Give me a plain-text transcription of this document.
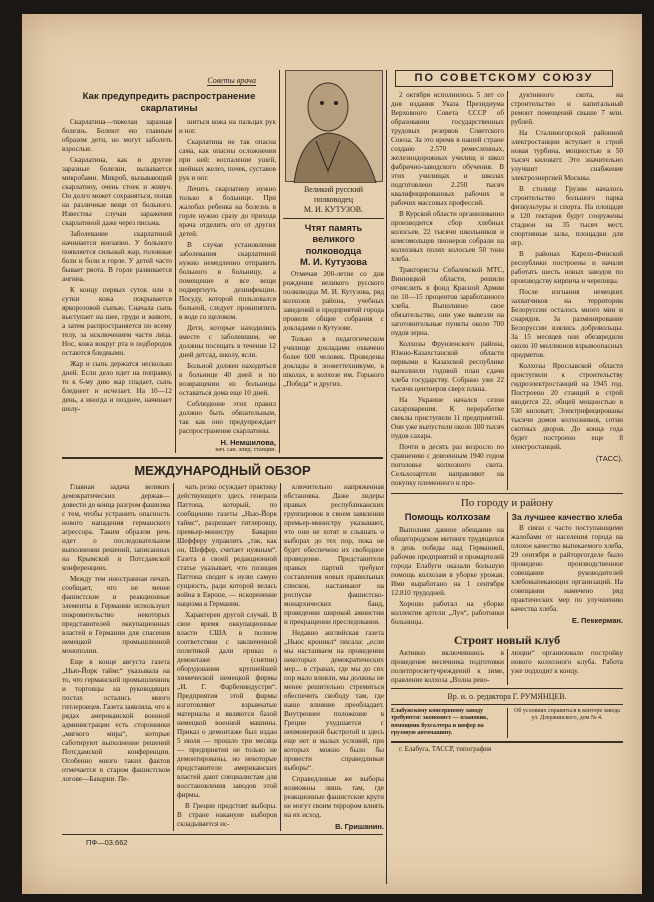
Советы врача
Как предупредить распространение скарлатины

Скарлатина—тяжелая заразная болезнь. Болеют ею главным образом дети, но могут заболеть взрослые.

Скарлатина, как и другие заразные болезни, вызывается микробами. Микроб, вызывающий скарлатину, очень стоек и живуч. Он долго может сохраняться, попав на различные вещи от больного. Известны случаи заражения скарлатиной даже через письма.

Заболевание скарлатиной начинается внезапно. У больного появляется сильный жар, головные боли и боли в горле. У детей часто бывает рвота. В горле развивается ангина.

К концу первых суток или в сутки кожа покрывается яркорозовой сыпью. Сначала сыпь выступает на шее, груди и животе, а затем распространяется по всему телу, за исключением части лица. Нос, кожа вокруг рта и подбородок остаются бледными.

Жар и сыпь держатся несколько дней. Если дело идет на поправку, то к 6-му дню жар спадает, сыпь бледнеет и исчезает. На 10—12 день, а иногда и позднее, начинает шелу-

шиться кожа на пальцах рук и ног.

Скарлатина не так опасна сама, как опасны осложнения при ней: воспаление ушей, шейных желез, почек, суставов рук и ног.

Лечить скарлатину нужно только в больнице. При жалобах ребенка на болезнь в горле нужно сразу до прихода врача отделить его от других детей.

В случае установления заболевания скарлатиной нужно немедленно отправить больного в больницу, а помещение и все вещи подвергнуть дезинфекции. Посуду, которой пользовался больной, следует прокипятить в воде со щелоком.

Дети, которые находились вместе с заболевшим, не должны посещать в течение 12 дней детсад, школу, ясли.

Больной должен находиться в больнице 40 дней и по возвращении из больницы оставаться дома еще 10 дней.

Соблюдение этих правил должно быть обязательным, так как оно предупреждает распространение скарлатины.

Н. Немшилова,
нач. сан. эпид. станции.
Великий русский
полководец
М. И. КУТУЗОВ.
Чтят память великого
полководца
М. И. Кутузова

Отмечая 200-летие со дня рождения великого русского полководца М. И. Кутузова, ряд колхозов района, учебных заведений и предприятий города провели общие собрания с докладами о Кутузове.

Только в педагогическом училище докладами охвачено более 600 человек. Проведены доклады в зооветтехникуме, в школах, в колхозе им. Горького „Победа“ и других.

МЕЖДУНАРОДНЫЙ ОБЗОР

Главная задача великих демократических держав—довести до конца разгром фашизма с тем, чтобы устранить опасность нового нападения германского агрессора. Таким образом речь идет о последовательном выполнении решений, записанных на Крымской и Потсдамской конференциях.

Между тем иностранная печать сообщает, что не менее фашистские и реакционные элементы в Германии используют покровительство некоторых представителей оккупационных властей в Германии для спасения немецкой промышленной монополии.

Еще в конце августа газета „Нью-Йорк таймс“ указывала на то, что германский промышленник и торговцы на руководящих постах остались много гитлеровцев. Газета заявляла, что в рядах американской военной администрации есть сторонники „мягкого мира“, которые саботируют выполнение решений Потсдамской конференции. Особенно много таких фактов отмечается в старом фашистском логове—Баварии. Пе-

чать резко осуждает практику действующего здесь генерала Паттона, который, по сообщению газеты „Нью-Йорк таймс“, разрешает гитлеровцу, премьер-министру Баварии Шефферу управлять „так, как он, Шеффер, считает нужным“. Газета в своей редакционной статье указывает, что позиция Паттона сводит к нулю самую сущность, ради которой велась война в Европе, — искоренение нацизма в Германии.

Характерен другой случай. В свое время оккупационные власти США в полном соответствии с заключенной политикой дали приказ о демонтаже (снятии) оборудования крупнейшей химической немецкой фирмы „И. Г. Фарбениндустри“. Предприятия этой фирмы изготовляют взрывчатые материалы и являются базой немецкой военной машины. Приказ о демонтаже был издан 5 июля — прошло три месяца — предприятия не только не демонтированы, но некоторые представители американских властей дают специалистам для восстановления заводов этой фирмы.

В Греции предстоят выборы. В стране накануне выборов складывается ис-

ключительно напряженная обстановка. Даже лидеры правых республиканских группировок в своем заявлении премьер-министру указывают, что они не хотят и слышать о выборах до тех пор, пока не будет обеспечено их свободное проведение. Представители правых партий требуют составления новых правильных списков, настаивают на роспуске фашистско-монархических банд, проведении широкой амнистии и прекращении преследования.

Недавно английская газета „Ньюс кроникл“ писала: „если мы настаиваем на проведении некоторых демократических мер... в странах, где мы до сих пор мало влияли, мы должны не менее решительно стремиться обеспечить свободу там, где наше влияние преобладает. Внутреннее положение в Греции ухудшается с неимоверной быстротой и здесь еще нет и малых условий, при которых можно было бы провести справедливые выборы“.

Справедливые же выборы возможны лишь там, где реакционные фашистские круги не могут своим террором влиять на их исход.

В. Гришанин.
ПФ—03.662
ПО СОВЕТСКОМУ СОЮЗУ

2 октября исполнилось 5 лет со дня издания Указа Президиума Верховного Совета СССР об образовании государственных трудовых резервов Советского Союза. За это время в нашей стране создано 2.570 ремесленных, железнодорожных училищ и школ фабрично-заводского обучения. В этих училищах и школах подготовлено 2.250 тысяч квалифицированных рабочих и рабочих массовых профессий.

В Курской области организованно производится сбор хлебных колосьев. 22 тысячи школьников и комсомольцев пионеров собрали на колхозных полях колосьев 50 тонн хлеба.

Трактористы Собалевской МТС, Винницкой области, решили отчислить в фонд Красной Армии по 10—15 процентов заработанного хлеба. Выполнено свое обязательство, они уже вывезли на заготовительные пункты около 700 пудов зерна.

Колхозы Фрунзенского района, Южно-Казахстанской области первыми в Казахской республике выполнили годовой план сдачи хлеба государству. Собрано уже 22 тысячи центнеров сверх плана.

На Украине начался сезон сахароварения. К переработке свеклы приступили 11 предприятий. Они уже выпустили около 100 тысяч пудов сахара.

Почти в десять раз возросло по сравнению с довоенным 1940 годом поголовье колхозного скота. Сельхозартели направляют на покупку племенного и про-

дуктивного скота, на строительство и капитальный ремонт помещений свыше 7 млн. рублей.

На Сталиногорской районной электростанции вступает в строй новая турбина, мощностью в 50 тысяч киловатт. Это значительно улучшит снабжение электроэнергией Москвы.

В столице Грузии началось строительство большого парка физкультуры и спорта. На площади в 120 гектаров будут сооружены стадион на 35 тысяч мест, спортивные залы, площадки для игр.

В районах Карело-Финской республики построены и начали работать шесть новых заводов по производству кирпича и черепицы.

После изгнания немецких захватчиков на территории Белоруссии осталось много мин и снарядов. За разминирование Белоруссии взялись добровольцы. За 15 месяцев они обезвредили около 10 миллионов взрывоопасных предметов.

Колхозы Ярославской области приступили к строительству гидроэлектростанций на 1945 год. Построено 20 станций в строй вводится 22, общей мощностью в 530 киловатт. Электрифицированы тысячи домов колхозников, сотни скотных дворов. До конца года будет построено еще 8 электростанций.

(ТАСС).
По городу и району
Помощь колхозам

Выполняя данное обещание на общегородском митинге трудящихся в день победы над Германией, рабочие предприятий и промартелей города Елабуги оказали большую помощь колхозам в уборке урожая. Ими выработано на 1 сентября 12.810 трудодней.

Хорошо работал на уборке коллектив артели „Луч“, работники больницы.

За лучшее качество хлеба

В связи с часто поступающими жалобами от населения города на плохое качество выпекаемого хлеба, 29 сентября в райторготделе было проведено производственное совещание руководителей хлебовыпекающих организаций. На совещании намечено ряд практических мер по улучшению качества хлеба.

Е. Пеккерман.
Строят новый клуб
Активно включившись в проведение месячника подготовки политпросветучреждений к зиме, правление колхоза „Волна рево-
люции“ организовало постройку нового колхозного клуба. Работа уже подходит к концу.
Вр. и. о. редактора Г. РУМЯНЦЕВ.
Елабужскому консервному заводу требуются: экономист — плановик, помощник бухгалтера и шофер на грузовую автомашину.
Об условиях справиться в конторе завода ул. Дзержинского, дом № 4.
г. Елабуга, ТАССР, типография
